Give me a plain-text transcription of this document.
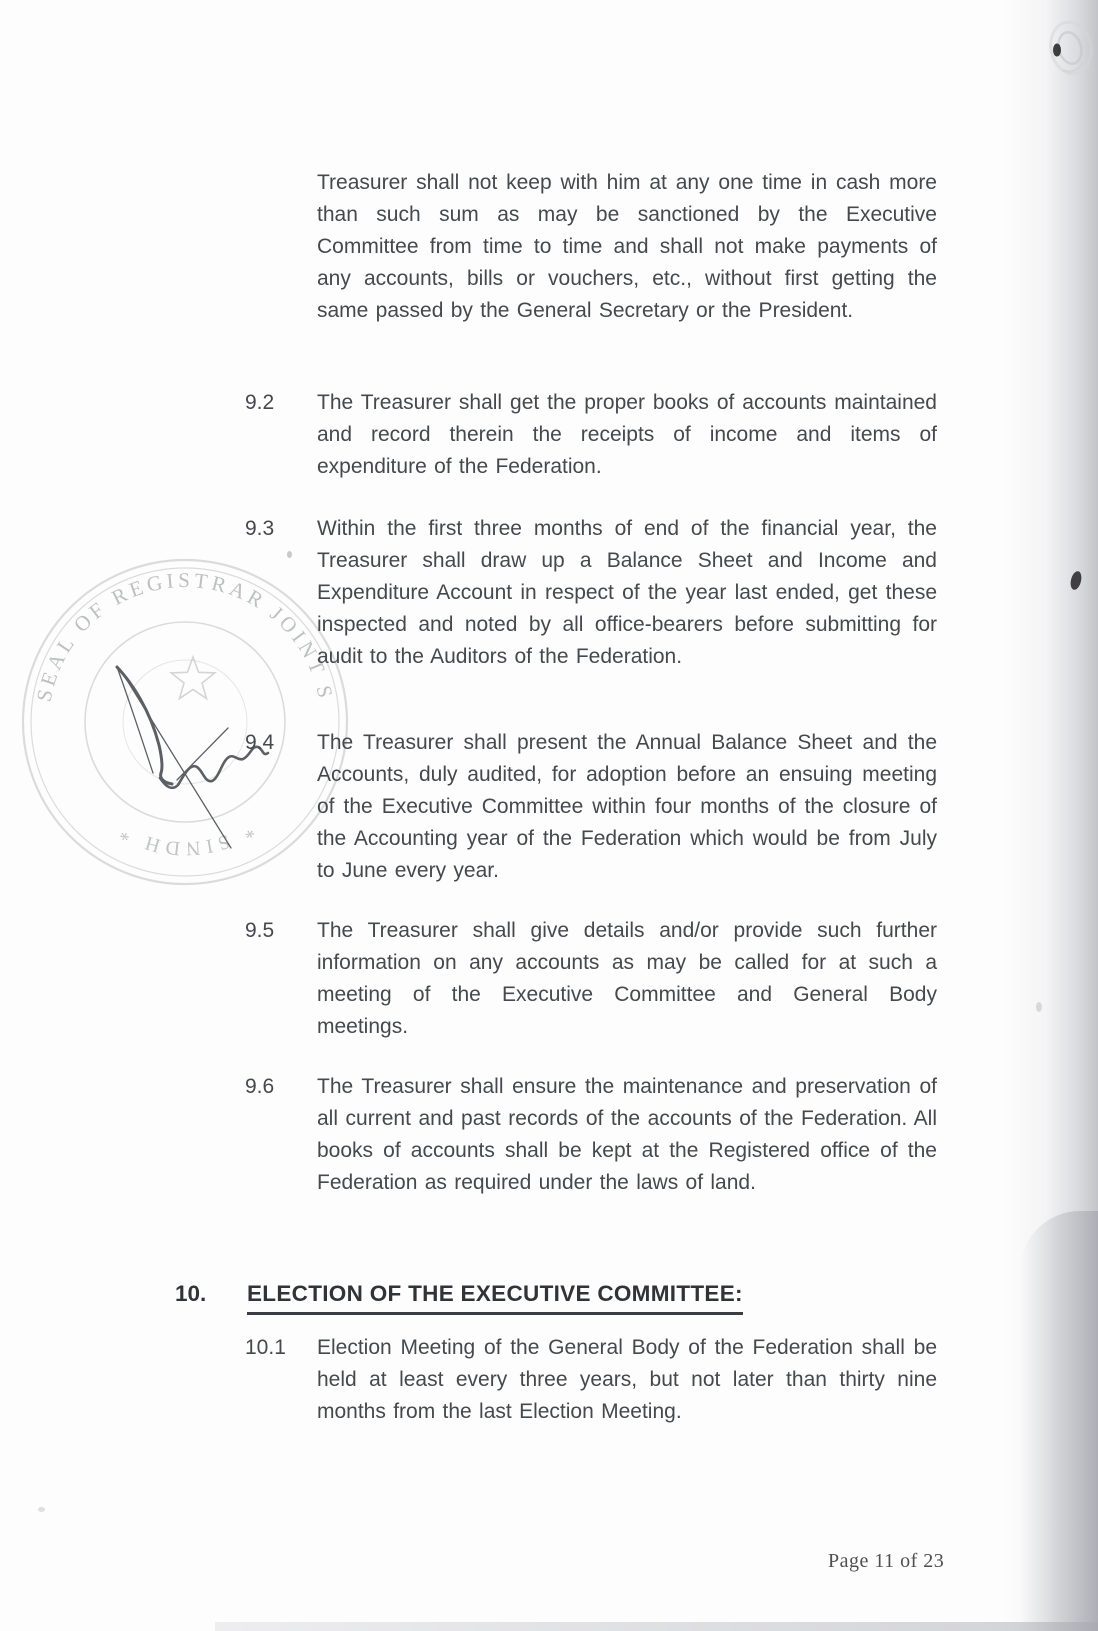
SEAL OF REGISTRAR JOINT S
* SINDH *
Treasurer shall not keep with him at any one time in cash more than such sum as may be sanctioned by the Executive Committee from time to time and shall not make payments of any accounts, bills or vouchers, etc., without first getting the same passed by the General Secretary or the President.
9.2	The Treasurer shall get the proper books of accounts maintained and record therein the receipts of income and items of expenditure of the Federation.
9.3	Within the first three months of end of the financial year, the Treasurer shall draw up a Balance Sheet and Income and Expenditure Account in respect of the year last ended, get these inspected and noted by all office-bearers before submitting for audit to the Auditors of the Federation.
9.4	The Treasurer shall present the Annual Balance Sheet and the Accounts, duly audited, for adoption before an ensuing meeting of the Executive Committee within four months of the closure of the Accounting year of the Federation which would be from July to June every year.
9.5	The Treasurer shall give details and/or provide such further information on any accounts as may be called for at such a meeting of the Executive Committee and General Body meetings.
9.6	The Treasurer shall ensure the maintenance and preservation of all current and past records of the accounts of the Federation. All books of accounts shall be kept at the Registered office of the Federation as required under the laws of land.
10.	ELECTION OF THE EXECUTIVE COMMITTEE:
10.1	Election Meeting of the General Body of the Federation shall be held at least every three years, but not later than thirty nine months from the last Election Meeting.
Page 11 of 23
